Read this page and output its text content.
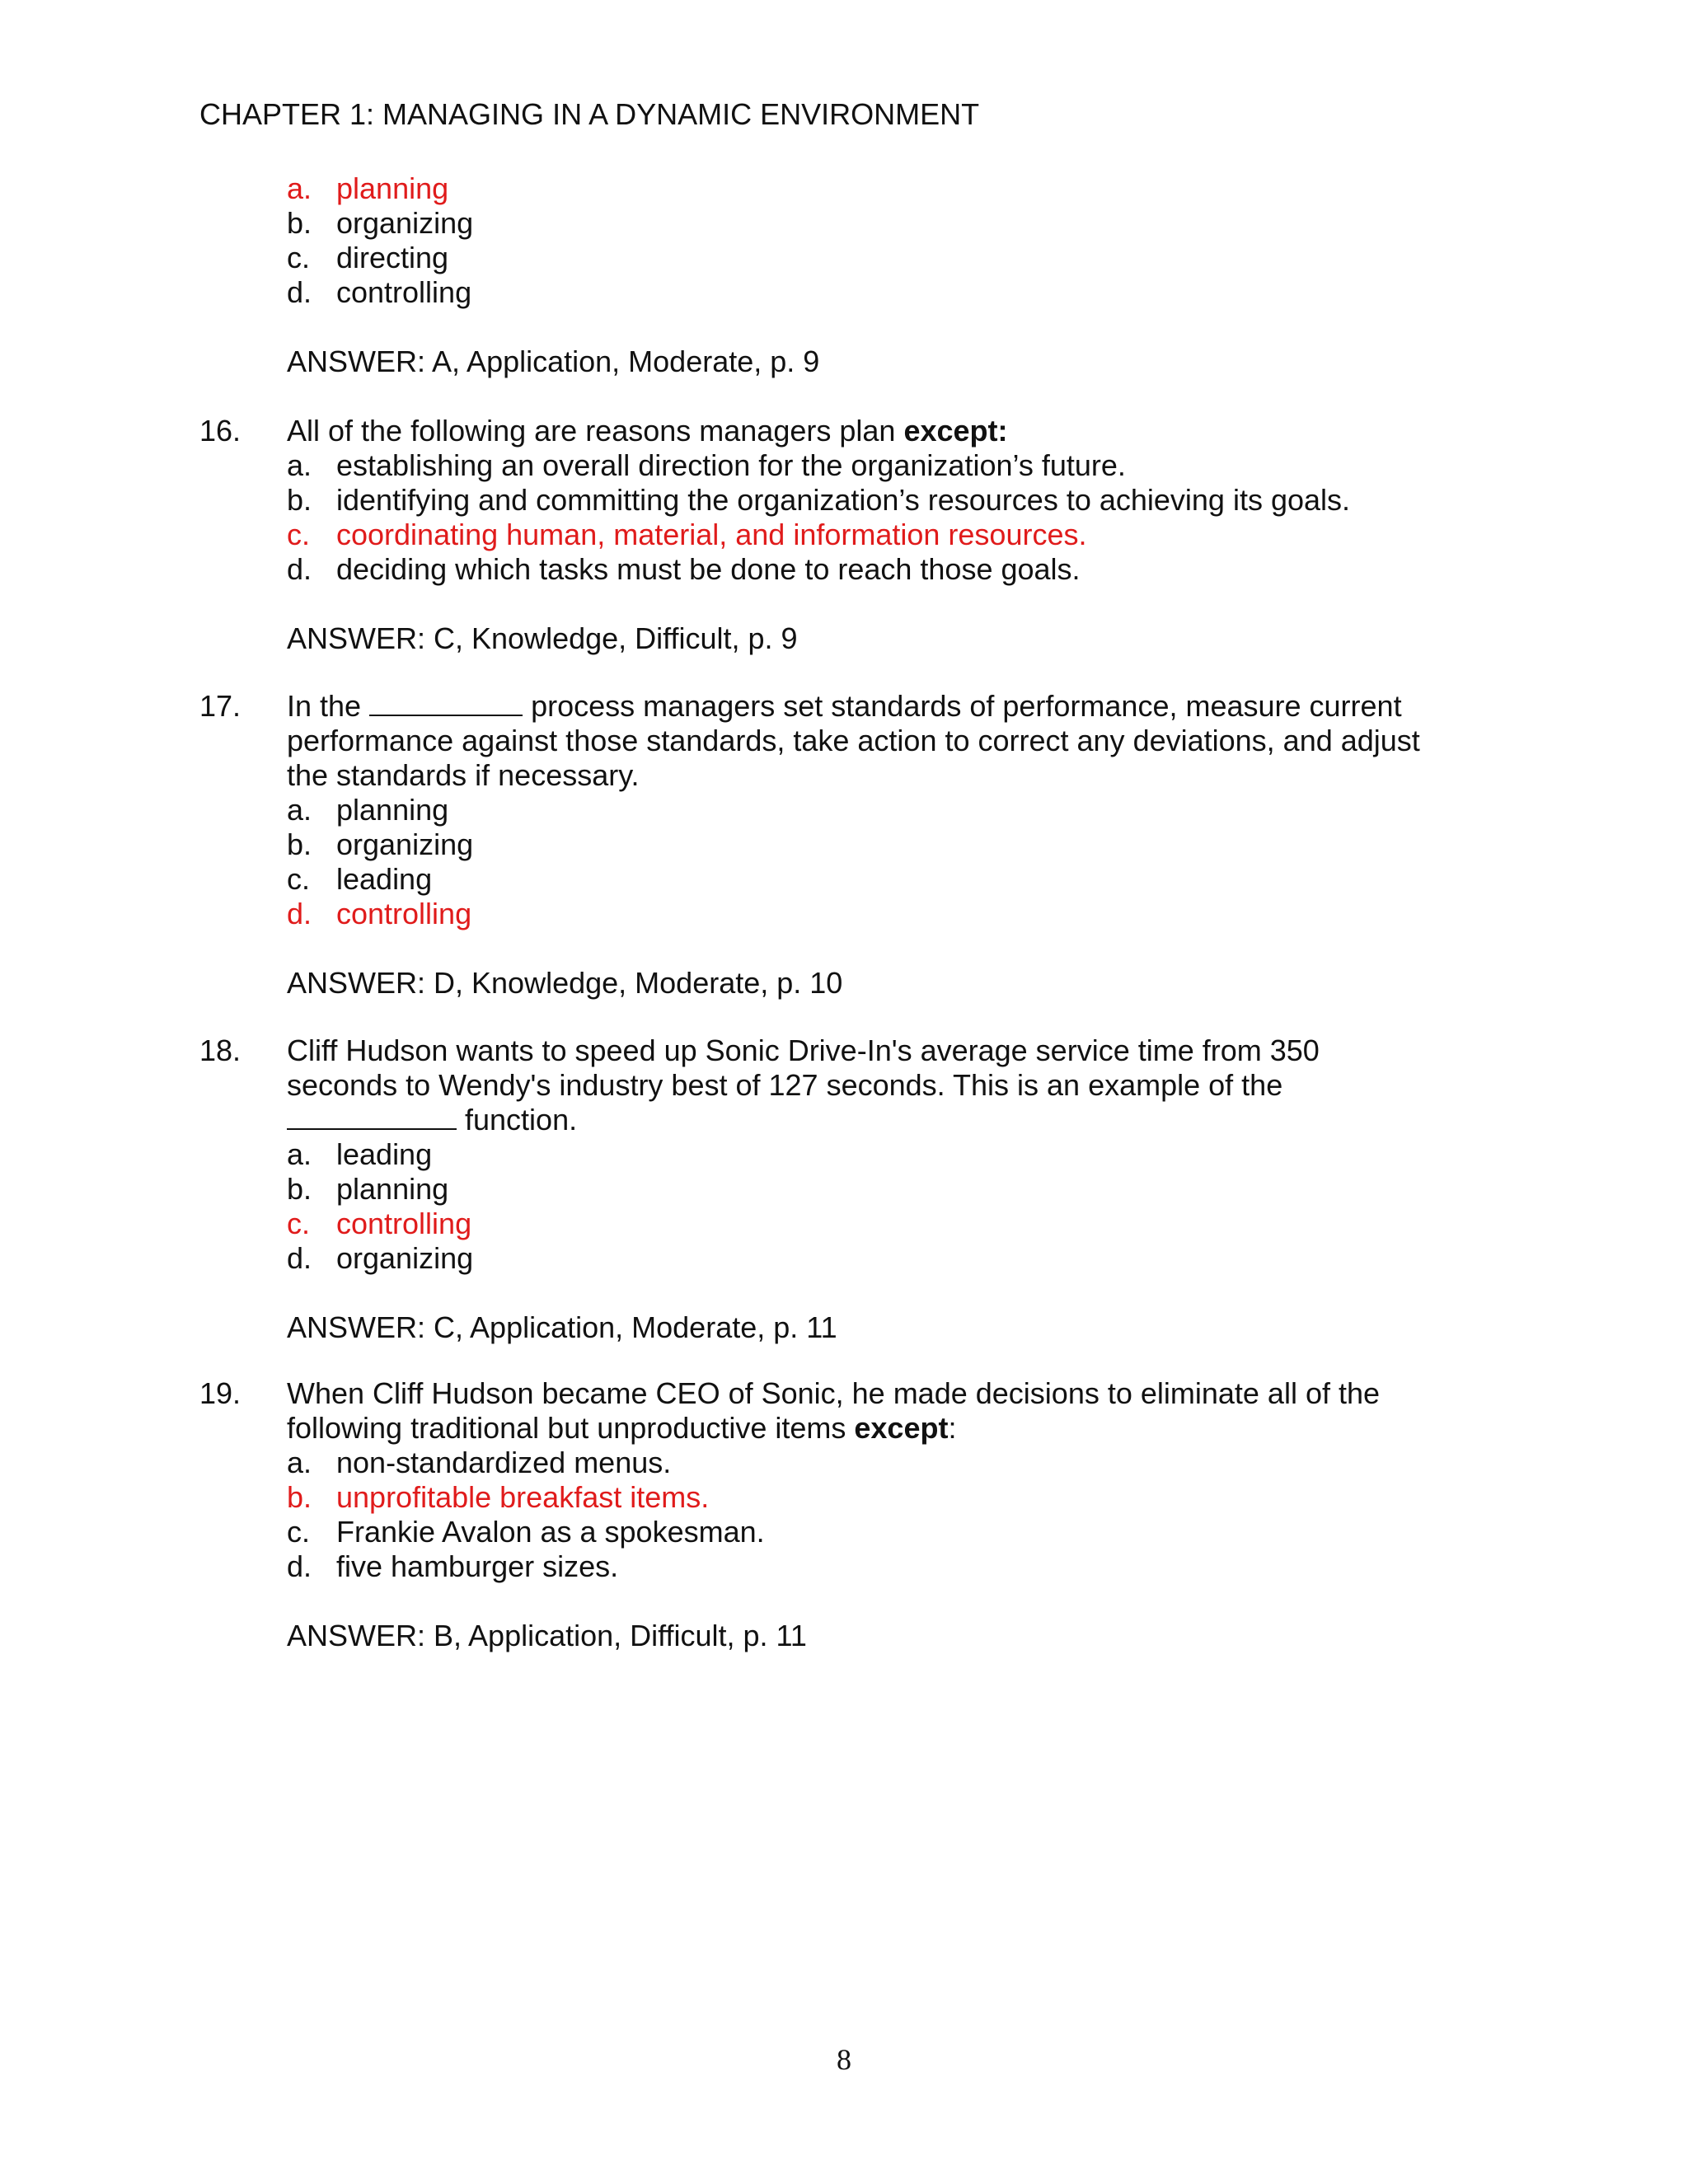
CHAPTER 1: MANAGING IN A DYNAMIC ENVIRONMENT
a. planning
b. organizing
c. directing
d. controlling
ANSWER: A, Application, Moderate, p. 9
16. All of the following are reasons managers plan except:
a. establishing an overall direction for the organization’s future.
b. identifying and committing the organization’s resources to achieving its goals.
c. coordinating human, material, and information resources.
d. deciding which tasks must be done to reach those goals.
ANSWER: C, Knowledge, Difficult, p. 9
17. In the	process managers set standards of performance, measure current
performance against those standards, take action to correct any deviations, and adjust
the standards if necessary.
a. planning
b. organizing
c. leading
d. controlling
ANSWER: D, Knowledge, Moderate, p. 10
18. Cliff Hudson wants to speed up Sonic Drive-In's average service time from 350
seconds to Wendy's industry best of 127 seconds. This is an example of the
function.
a. leading
b. planning
c. controlling
d. organizing
ANSWER: C, Application, Moderate, p. 11
19. When Cliff Hudson became CEO of Sonic, he made decisions to eliminate all of the
following traditional but unproductive items except:
a. non-standardized menus.
b. unprofitable breakfast items.
c. Frankie Avalon as a spokesman.
d. five hamburger sizes.
ANSWER: B, Application, Difficult, p. 11
8
